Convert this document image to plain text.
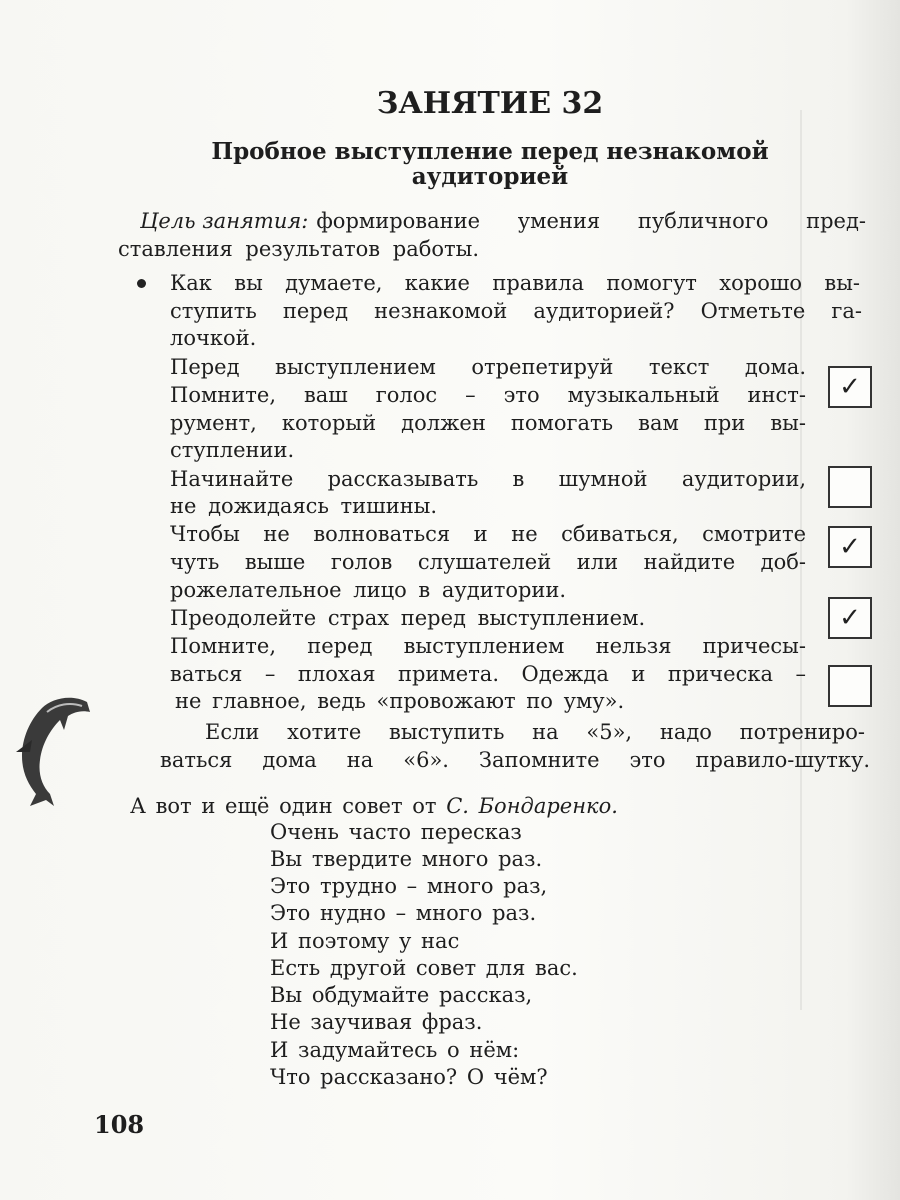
ЗАНЯТИЕ 32
Пробное выступление перед незнакомой
аудиторией
Цель занятия: формирование умения публичного пред-
ставления результатов работы.
Как вы думаете, какие правила помогут хорошо вы-
ступить перед незнакомой аудиторией? Отметьте га-
лочкой.
Перед выступлением отрепетируй текст дома.
Помните, ваш голос – это музыкальный инст-
румент, который должен помогать вам при вы-
ступлении.
✓
Начинайте рассказывать в шумной аудитории,
не дожидаясь тишины.
Чтобы не волноваться и не сбиваться, смотрите
чуть выше голов слушателей или найдите доб-
рожелательное лицо в аудитории.
✓
Преодолейте страх перед выступлением.	✓
Помните, перед выступлением нельзя причесы-
ваться – плохая примета. Одежда и прическа –
не главное, ведь «провожают по уму».
Если хотите выступить на «5», надо потрениро-
ваться дома на «6». Запомните это правило-шутку.
А вот и ещё один совет от С. Бондаренко.
Очень часто пересказ
Вы твердите много раз.
Это трудно – много раз,
Это нудно – много раз.
И поэтому у нас
Есть другой совет для вас.
Вы обдумайте рассказ,
Не заучивая фраз.
И задумайтесь о нём:
Что рассказано? О чём?
108
